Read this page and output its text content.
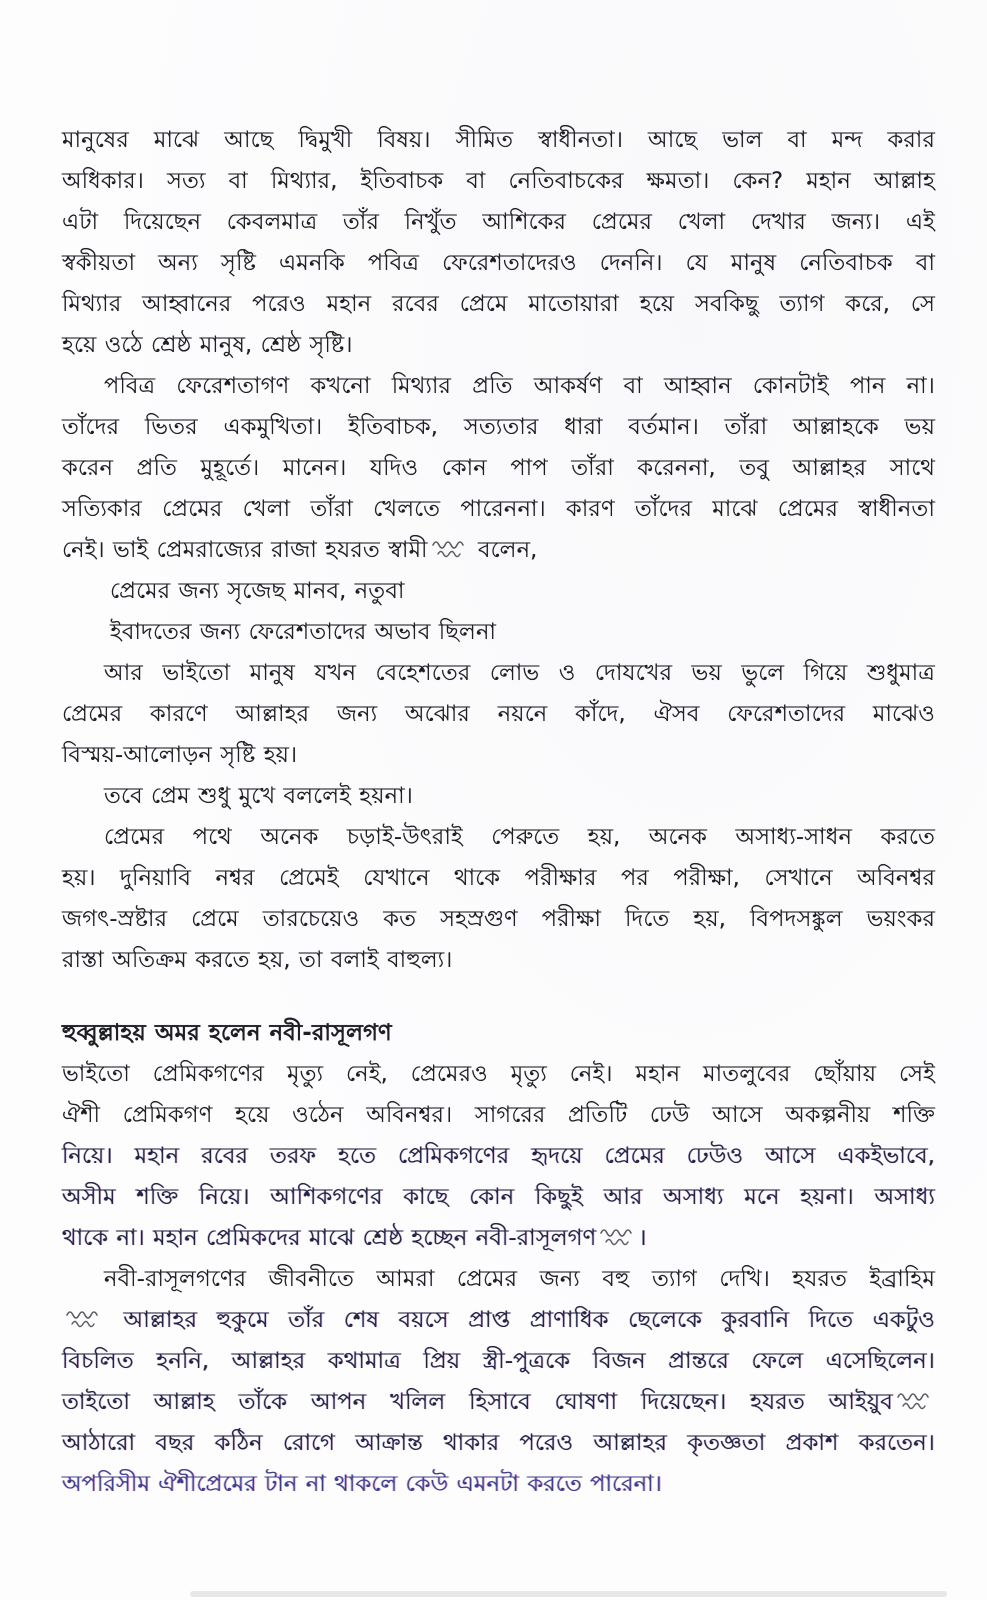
মানুষের মাঝে আছে দ্বিমুখী বিষয়। সীমিত স্বাধীনতা। আছে ভাল বা মন্দ করার
অধিকার। সত্য বা মিথ্যার, ইতিবাচক বা নেতিবাচকের ক্ষমতা। কেন? মহান আল্লাহ
এটা দিয়েছেন কেবলমাত্র তাঁর নিখুঁত আশিকের প্রেমের খেলা দেখার জন্য। এই
স্বকীয়তা অন্য সৃষ্টি এমনকি পবিত্র ফেরেশতাদেরও দেননি। যে মানুষ নেতিবাচক বা
মিথ্যার আহ্বানের পরেও মহান রবের প্রেমে মাতোয়ারা হয়ে সবকিছু ত্যাগ করে, সে
হয়ে ওঠে শ্রেষ্ঠ মানুষ, শ্রেষ্ঠ সৃষ্টি।
পবিত্র ফেরেশতাগণ কখনো মিথ্যার প্রতি আকর্ষণ বা আহ্বান কোনটাই পান না।
তাঁদের ভিতর একমুখিতা। ইতিবাচক, সত্যতার ধারা বর্তমান। তাঁরা আল্লাহকে ভয়
করেন প্রতি মুহূর্তে। মানেন। যদিও কোন পাপ তাঁরা করেননা, তবু আল্লাহর সাথে
সত্যিকার প্রেমের খেলা তাঁরা খেলতে পারেননা। কারণ তাঁদের মাঝে প্রেমের স্বাধীনতা
নেই। ভাই প্রেমরাজ্যের রাজা হযরত স্বামী
বলেন,
প্রেমের জন্য সৃজেছ মানব, নতুবা
ইবাদতের জন্য ফেরেশতাদের অভাব ছিলনা
আর ভাইতো মানুষ যখন বেহেশতের লোভ ও দোযখের ভয় ভুলে গিয়ে শুধুমাত্র
প্রেমের কারণে আল্লাহর জন্য অঝোর নয়নে কাঁদে, ঐসব ফেরেশতাদের মাঝেও
বিস্ময়-আলোড়ন সৃষ্টি হয়।
তবে প্রেম শুধু মুখে বললেই হয়না।
প্রেমের পথে অনেক চড়াই-উৎরাই পেরুতে হয়, অনেক অসাধ্য-সাধন করতে
হয়। দুনিয়াবি নশ্বর প্রেমেই যেখানে থাকে পরীক্ষার পর পরীক্ষা, সেখানে অবিনশ্বর
জগৎ-স্রষ্টার প্রেমে তারচেয়েও কত সহস্রগুণ পরীক্ষা দিতে হয়, বিপদসঙ্কুল ভয়ংকর
রাস্তা অতিক্রম করতে হয়, তা বলাই বাহুল্য।
হুব্বুল্লাহয় অমর হলেন নবী-রাসূলগণ
ভাইতো প্রেমিকগণের মৃত্যু নেই, প্রেমেরও মৃত্যু নেই। মহান মাতলুবের ছোঁয়ায় সেই
ঐশী প্রেমিকগণ হয়ে ওঠেন অবিনশ্বর। সাগরের প্রতিটি ঢেউ আসে অকল্পনীয় শক্তি
নিয়ে। মহান রবের তরফ হতে প্রেমিকগণের হৃদয়ে প্রেমের ঢেউও আসে একইভাবে,
অসীম শক্তি নিয়ে। আশিকগণের কাছে কোন কিছুই আর অসাধ্য মনে হয়না। অসাধ্য
থাকে না। মহান প্রেমিকদের মাঝে শ্রেষ্ঠ হচ্ছেন নবী-রাসূলগণ ।
নবী-রাসূলগণের জীবনীতে আমরা প্রেমের জন্য বহু ত্যাগ দেখি। হযরত ইব্রাহিম
আল্লাহর হুকুমে তাঁর শেষ বয়সে প্রাপ্ত প্রাণাধিক ছেলেকে কুরবানি দিতে একটুও
বিচলিত হননি, আল্লাহর কথামাত্র প্রিয় স্ত্রী-পুত্রকে বিজন প্রান্তরে ফেলে এসেছিলেন।
তাইতো আল্লাহ তাঁকে আপন খলিল হিসাবে ঘোষণা দিয়েছেন। হযরত আইয়ুব
আঠারো বছর কঠিন রোগে আক্রান্ত থাকার পরেও আল্লাহর কৃতজ্ঞতা প্রকাশ করতেন।
অপরিসীম ঐশীপ্রেমের টান না থাকলে কেউ এমনটা করতে পারেনা।
